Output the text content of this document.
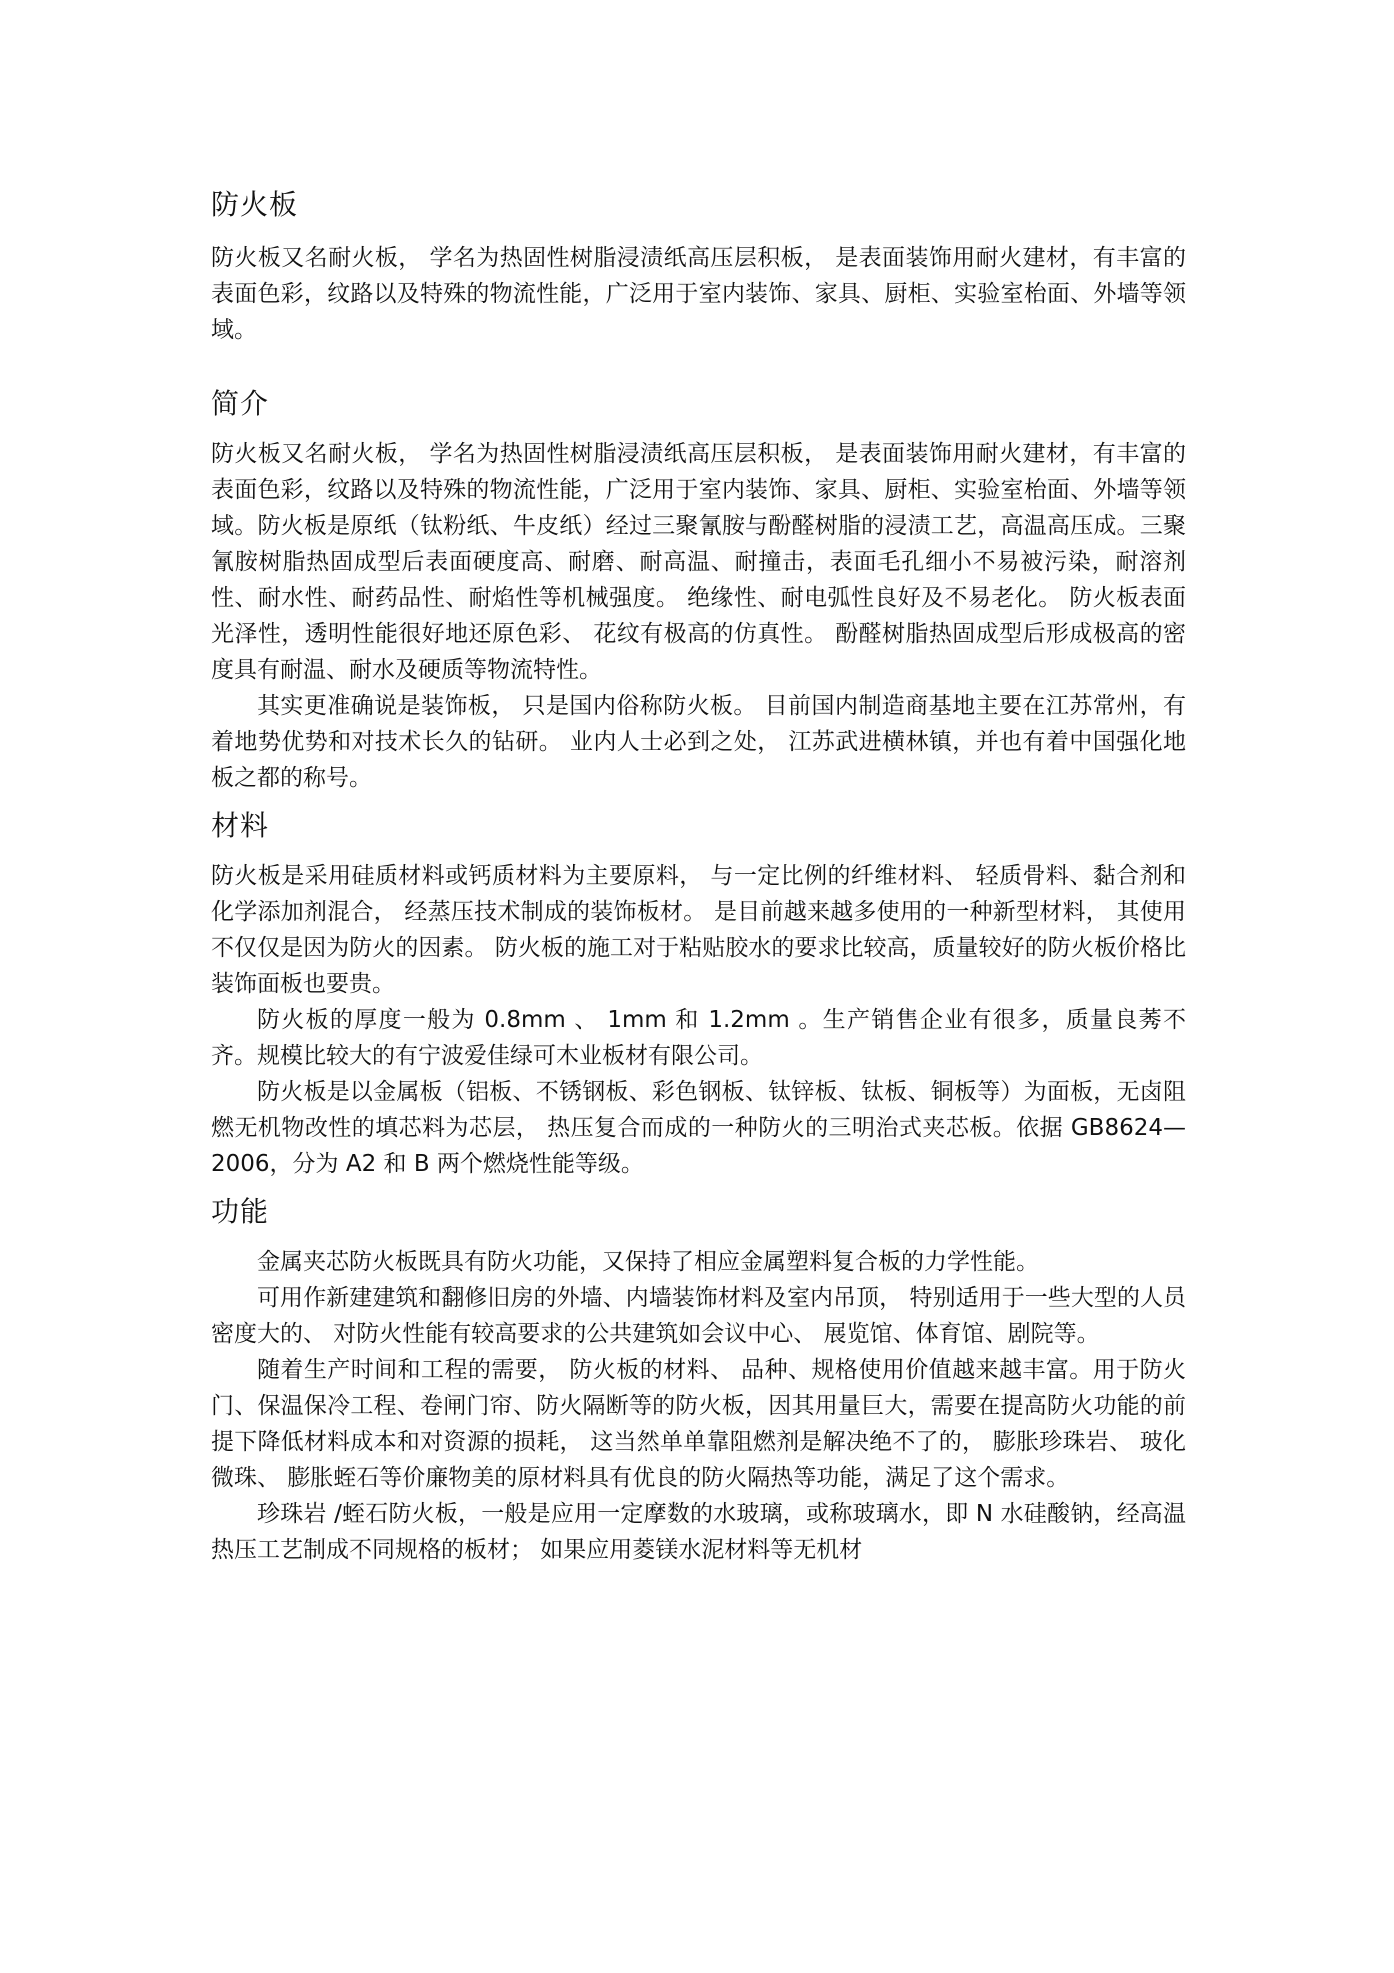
防火板

防火板又名耐火板， 学名为热固性树脂浸渍纸高压层积板， 是表面装饰用耐火建材，有丰富的表面色彩，纹路以及特殊的物流性能，广泛用于室内装饰、家具、厨柜、实验室枱面、外墙等领域。

简介

防火板又名耐火板， 学名为热固性树脂浸渍纸高压层积板， 是表面装饰用耐火建材，有丰富的表面色彩，纹路以及特殊的物流性能，广泛用于室内装饰、家具、厨柜、实验室枱面、外墙等领域。防火板是原纸（钛粉纸、牛皮纸）经过三聚氰胺与酚醛树脂的浸渍工艺，高温高压成。三聚氰胺树脂热固成型后表面硬度高、耐磨、耐高温、耐撞击，表面毛孔细小不易被污染，耐溶剂性、耐水性、耐药品性、耐焰性等机械强度。 绝缘性、耐电弧性良好及不易老化。 防火板表面光泽性，透明性能很好地还原色彩、 花纹有极高的仿真性。 酚醛树脂热固成型后形成极高的密度具有耐温、耐水及硬质等物流特性。

其实更准确说是装饰板， 只是国内俗称防火板。 目前国内制造商基地主要在江苏常州，有着地势优势和对技术长久的钻研。 业内人士必到之处， 江苏武进横林镇，并也有着中国强化地板之都的称号。

材料

防火板是采用硅质材料或钙质材料为主要原料， 与一定比例的纤维材料、 轻质骨料、黏合剂和化学添加剂混合， 经蒸压技术制成的装饰板材。 是目前越来越多使用的一种新型材料， 其使用不仅仅是因为防火的因素。 防火板的施工对于粘贴胶水的要求比较高，质量较好的防火板价格比装饰面板也要贵。

防火板的厚度一般为 0.8mm 、 1mm 和 1.2mm 。生产销售企业有很多，质量良莠不齐。规模比较大的有宁波爱佳绿可木业板材有限公司。

防火板是以金属板（铝板、不锈钢板、彩色钢板、钛锌板、钛板、铜板等）为面板，无卤阻燃无机物改性的填芯料为芯层， 热压复合而成的一种防火的三明治式夹芯板。依据 GB8624—2006，分为 A2 和 B 两个燃烧性能等级。

功能

金属夹芯防火板既具有防火功能，又保持了相应金属塑料复合板的力学性能。

可用作新建建筑和翻修旧房的外墙、内墙装饰材料及室内吊顶， 特别适用于一些大型的人员密度大的、 对防火性能有较高要求的公共建筑如会议中心、 展览馆、体育馆、剧院等。

随着生产时间和工程的需要， 防火板的材料、 品种、规格使用价值越来越丰富。用于防火门、保温保冷工程、卷闸门帘、防火隔断等的防火板，因其用量巨大，需要在提高防火功能的前提下降低材料成本和对资源的损耗， 这当然单单靠阻燃剂是解决绝不了的， 膨胀珍珠岩、 玻化微珠、 膨胀蛭石等价廉物美的原材料具有优良的防火隔热等功能，满足了这个需求。

珍珠岩 /蛭石防火板，一般是应用一定摩数的水玻璃，或称玻璃水，即 N 水硅酸钠，经高温热压工艺制成不同规格的板材； 如果应用菱镁水泥材料等无机材
